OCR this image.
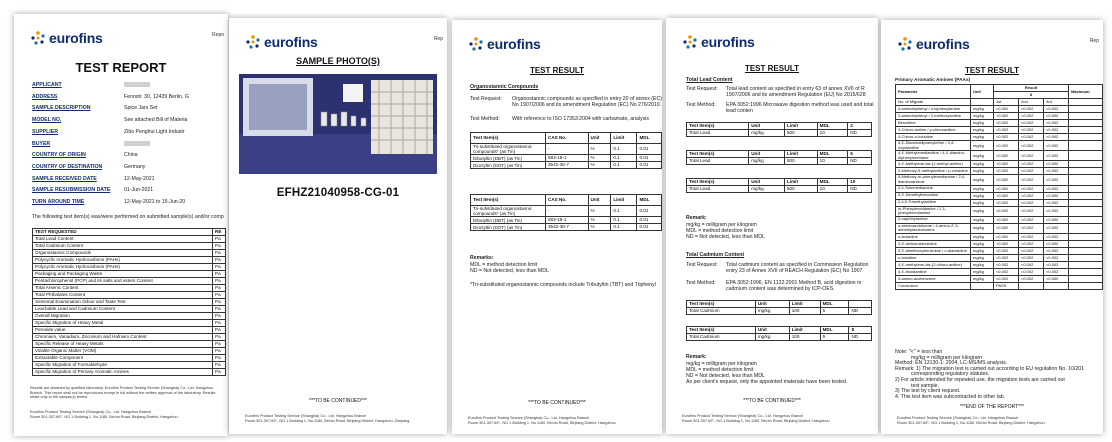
eurofins	Repo
TEST REPORT
APPLICANT
ADDRESS	Fennstr. 30, 12439 Berlin, G
SAMPLE DESCRIPTION	Spice Jars Set
MODEL NO.	See attached Bill of Materia
SUPPLIER	Zibo Penghui Light Industr
BUYER
COUNTRY OF ORIGIN	China
COUNTRY OF DESTINATION	Germany
SAMPLE RECEIVED DATE	12-May-2021
SAMPLE RESUBMISSION DATE	01-Jun-2021
TURN AROUND TIME	12-May-2021 to 15-Jun-20
The following test item(s) was/were performed on submitted sample(s) and/or comp
TEST REQUESTED	RE
Total Lead Content	Pa
Total Cadmium Content	Pa
Organostannic Compounds	Pa
Polycyclic Aromatic Hydrocarbons (PAHs)	Pa
Polycyclic Aromatic Hydrocarbons (PAHs)	Pa
Packaging and Packaging Waste	Pa
Pentachlorophenol (PCP) and its salts and esters Content	Pa
Total Arsenic Content	Pa
Total Phthalates Content	Pa
Sensorial Examination Odour and Taste Test	Pa
Leachable Lead and Cadmium Content	Pa
Overall Migration	Pa
Specific Migration of Heavy Metal	Pa
Peroxide value	Pa
Chromium, Vanadium, Zirconium and Hafnium Content	Pa
Specific Release of Heavy Metals	Pa
Volatile Organic Matter (VOM)	Pa
Extractable Component	Pa
Specific Migration of Formaldehyde	Pa
Specific Migration of Primary Aromatic Amines	Pa
Results are obtained by qualified laboratory. Eurofins Product Testing Service (Shanghai) Co., Ltd. Hangzhou Branch. This report shall not be reproduced except in full without the written approval of the laboratory. Results relate only to the sample(s) tested.
Eurofins Product Testing Service (Shanghai) Co., Ltd. Hangzhou Branch
Room 301-307,6/F., NO.1 Building 1, No.1180, Bin'an Road, Binjiang District, Hangzhou
eurofins	Rep
SAMPLE PHOTO(S)
EFHZ21040958-CG-01
***TO BE CONTINUED***
Eurofins Product Testing Service (Shanghai) Co., Ltd. Hangzhou Branch
Room 301-307,6/F., NO.1 Building 1, No.1180, Bin'an Road, Binjiang District, Hangzhou, Zhejiang
eurofins
TEST RESULT
Organostannic Compounds
Test Request: Organostannic compounds as specified in entry 20 of annex (EC) No 1907/2006 and its amendment Regulation (EC) No 276/2010.
Test Method: With reference to ISO 17353:2004 with carbamate, analysis
Test Item(s)	CAS No.	Unit	Limit	MDL
Tri-substituted organostannic compounds* (as Tin)	-	%	0.1	0.01
Dibutyltin (DBT) (as Tin)	683-18-1	%	0.1	0.01
Dioctyltin (DOT) (as Tin)	3542-36-7	%	0.1	0.01
Test Item(s)	CAS No.	Unit	Limit	MDL
Tri-substituted organostannic compounds* (as Tin)	-	%	0.1	0.01
Dibutyltin (DBT) (as Tin)	683-18-1	%	0.1	0.01
Dioctyltin (DOT) (as Tin)	3542-36-7	%	0.1	0.01
Remarks:
MDL = method detection limit
ND = Not detected, less than MDL
*Tri-substituted organostannic compounds include Tributyltin (TBT) and Triphenyl
***TO BE CONTINUED***
Eurofins Product Testing Service (Shanghai) Co., Ltd. Hangzhou Branch
Room 301-307,6/F., NO.1 Building 1, No.1180, Bin'an Road, Binjiang District, Hangzhou
eurofins
TEST RESULT
Total Lead Content
Test Request: Total lead content as specified in entry 63 of annex XVII of R 1907/2006 and its amendment Regulation (EU) No 2015/628
Test Method: EPA 3052:1996 Microwave digestion method was used and total lead conten
Test Item(s)	Unit	Limit	MDL	2
Total Lead	mg/kg	500	10	ND
Test Item(s)	Unit	Limit	MDL	5
Total Lead	mg/kg	500	10	ND
Test Item(s)	Unit	Limit	MDL	10
Total Lead	mg/kg	500	10	ND
Remark:
mg/kg = milligram per kilogram
MDL = method detection limit
ND = Not detected, less than MDL
Total Cadmium Content
Test Request: Total cadmium content as specified in Commission Regulation entry 23 of Annex XVII of REACH Regulation (EC) No 1907
Test Method: EPA 3052:1996, EN 1122:2001 Method B, acid digestion m cadmium content was determined by ICP-OES.
Test Item(s)	Unit	Limit	MDL	
Total Cadmium	mg/kg	100	5	ND
Test Item(s)	Unit	Limit	MDL	8
Total Cadmium	mg/kg	100	5	ND
Remark:
mg/kg = milligram per kilogram
MDL = method detection limit
ND = Not detected, less than MDL
As per client's request, only the appointed materials have been tested.
***TO BE CONTINUED***
Eurofins Product Testing Service (Shanghai) Co., Ltd. Hangzhou Branch
Room 301-307,6/F., NO.1 Building 1, No.1180, Bin'an Road, Binjiang District, Hangzhou
eurofins	Rep
TEST RESULT
Primary Aromatic Amines (PAAs)
Parameter	Unit	Result			Maximum
		8			
No. of Migrate		1st	2nd	3rd	
4-aminobiphenyl / 4-biphenylamine	mg/kg	<0.002	<0.002	<0.002	
2-aminobiphenyl / 2-methoxyaniline	mg/kg	<0.002	<0.002	<0.002	
Benzidine	mg/kg	<0.002	<0.002	<0.002	
4-Chloro-aniline / p-chloroaniline	mg/kg	<0.002	<0.002	<0.002	
4-Chloro-o-toluidine	mg/kg	<0.002	<0.002	<0.002	
4,4'-Diaminodiphenylether / 4,4'-oxydianiline	mg/kg	<0.002	<0.002	<0.002	
4,4'-Methylenedianiline / 4,4'-diamino-diphenylmethane	mg/kg	<0.002	<0.002	<0.002	
4,4'-Methylene-bis-(2-methyl-aniline)	mg/kg	<0.002	<0.002	<0.002	
2-Methoxy-5-methylaniline / p-cresidine	mg/kg	<0.002	<0.002	<0.002	
4-Methoxy-m-phenylenediamine / 2,4-diaminoanisole	mg/kg	<0.002	<0.002	<0.002	
2,4-Toluenediamine	mg/kg	<0.002	<0.002	<0.002	
3,3'-Dimethylbenzidine	mg/kg	<0.002	<0.002	<0.002	
2,4,5-Trimethylaniline	mg/kg	<0.002	<0.002	<0.002	
m-Phenylenediamine / 1,3-phenylenediamine	mg/kg	<0.002	<0.002	<0.002	
2-naphthylamine	mg/kg	<0.002	<0.002	<0.002	
o-aminoazotoluene / 4-amino-2',3-dimethylazobenzene	mg/kg	<0.002	<0.002	<0.002	
o-Anisidine	mg/kg	<0.002	<0.002	<0.002	
3,3'-dichlorobenzidine	mg/kg	<0.002	<0.002	<0.002	
3,3'-dimethoxybenzidine / o-dianisidine	mg/kg	<0.002	<0.002	<0.002	
o-toluidine	mg/kg	<0.002	<0.002	<0.002	
4,4'-methylene-bis-(2-chloro-aniline)	mg/kg	<0.002	<0.002	<0.002	
4,4'-thiodianiline	mg/kg	<0.002	<0.002	<0.002	
4-amino-azobenzene	mg/kg	<0.002	<0.002	<0.002	
Conclusion		PASS			
Note: "<" = less than
mg/kg = milligram per kilogram
Method: EN 13130-1: 2004, LC-MS/MS analysis.
Remark: 1) The migration test is carried out according to EU regulation No. 10/201
corresponding regulatory statutes.
2) For article intended for repeated use, the migration tests are carried out
test sample.
3) The test by client request.
4. This test item was subcontracted to other lab.
***END OF THE REPORT***
Eurofins Product Testing Service (Shanghai) Co., Ltd. Hangzhou Branch
Room 301-307,6/F., NO.1 Building 1, No.1180, Bin'an Road, Binjiang District, Hangzhou
